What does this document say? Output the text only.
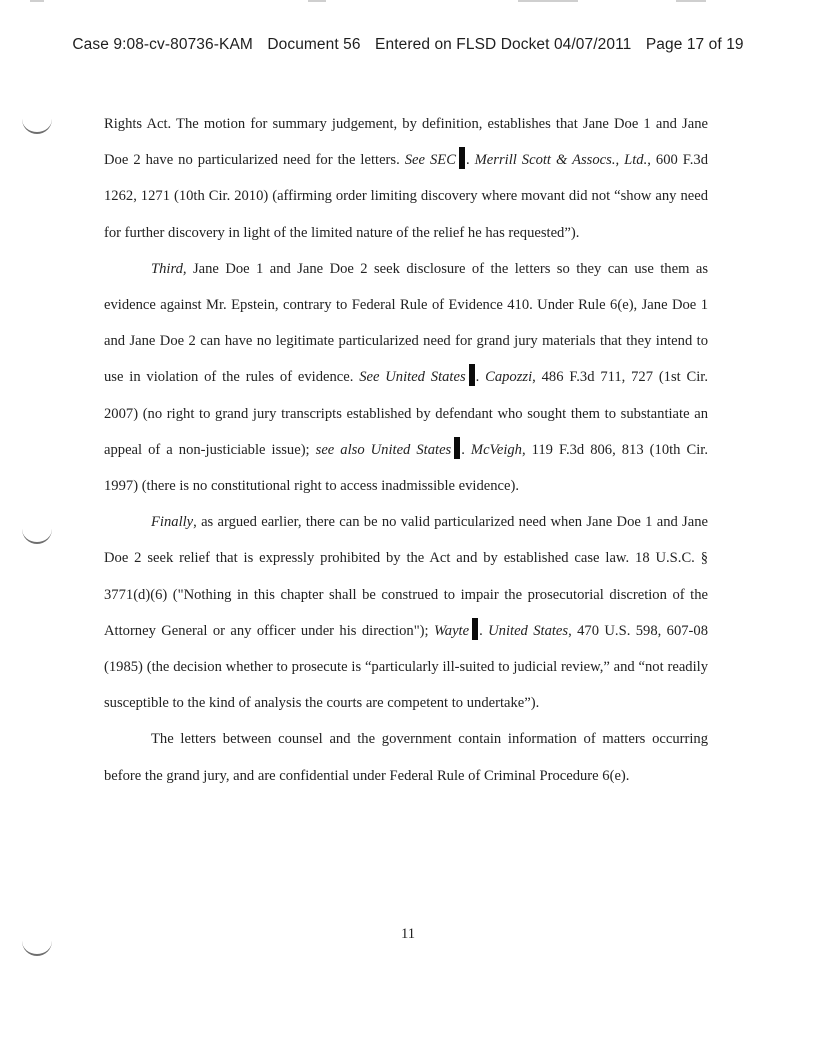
Case 9:08-cv-80736-KAM Document 56 Entered on FLSD Docket 04/07/2011 Page 17 of 19

Rights Act. The motion for summary judgement, by definition, establishes that Jane Doe 1 and Jane Doe 2 have no particularized need for the letters. See SEC . Merrill Scott & Assocs., Ltd., 600 F.3d 1262, 1271 (10th Cir. 2010) (affirming order limiting discovery where movant did not “show any need for further discovery in light of the limited nature of the relief he has requested”).

Third, Jane Doe 1 and Jane Doe 2 seek disclosure of the letters so they can use them as evidence against Mr. Epstein, contrary to Federal Rule of Evidence 410. Under Rule 6(e), Jane Doe 1 and Jane Doe 2 can have no legitimate particularized need for grand jury materials that they intend to use in violation of the rules of evidence. See United States . Capozzi, 486 F.3d 711, 727 (1st Cir. 2007) (no right to grand jury transcripts established by defendant who sought them to substantiate an appeal of a non-justiciable issue); see also United States . McVeigh, 119 F.3d 806, 813 (10th Cir. 1997) (there is no constitutional right to access inadmissible evidence).

Finally, as argued earlier, there can be no valid particularized need when Jane Doe 1 and Jane Doe 2 seek relief that is expressly prohibited by the Act and by established case law. 18 U.S.C. § 3771(d)(6) ("Nothing in this chapter shall be construed to impair the prosecutorial discretion of the Attorney General or any officer under his direction"); Wayte . United States, 470 U.S. 598, 607-08 (1985) (the decision whether to prosecute is “particularly ill-suited to judicial review,” and “not readily susceptible to the kind of analysis the courts are competent to undertake”).

The letters between counsel and the government contain information of matters occurring before the grand jury, and are confidential under Federal Rule of Criminal Procedure 6(e).

11
